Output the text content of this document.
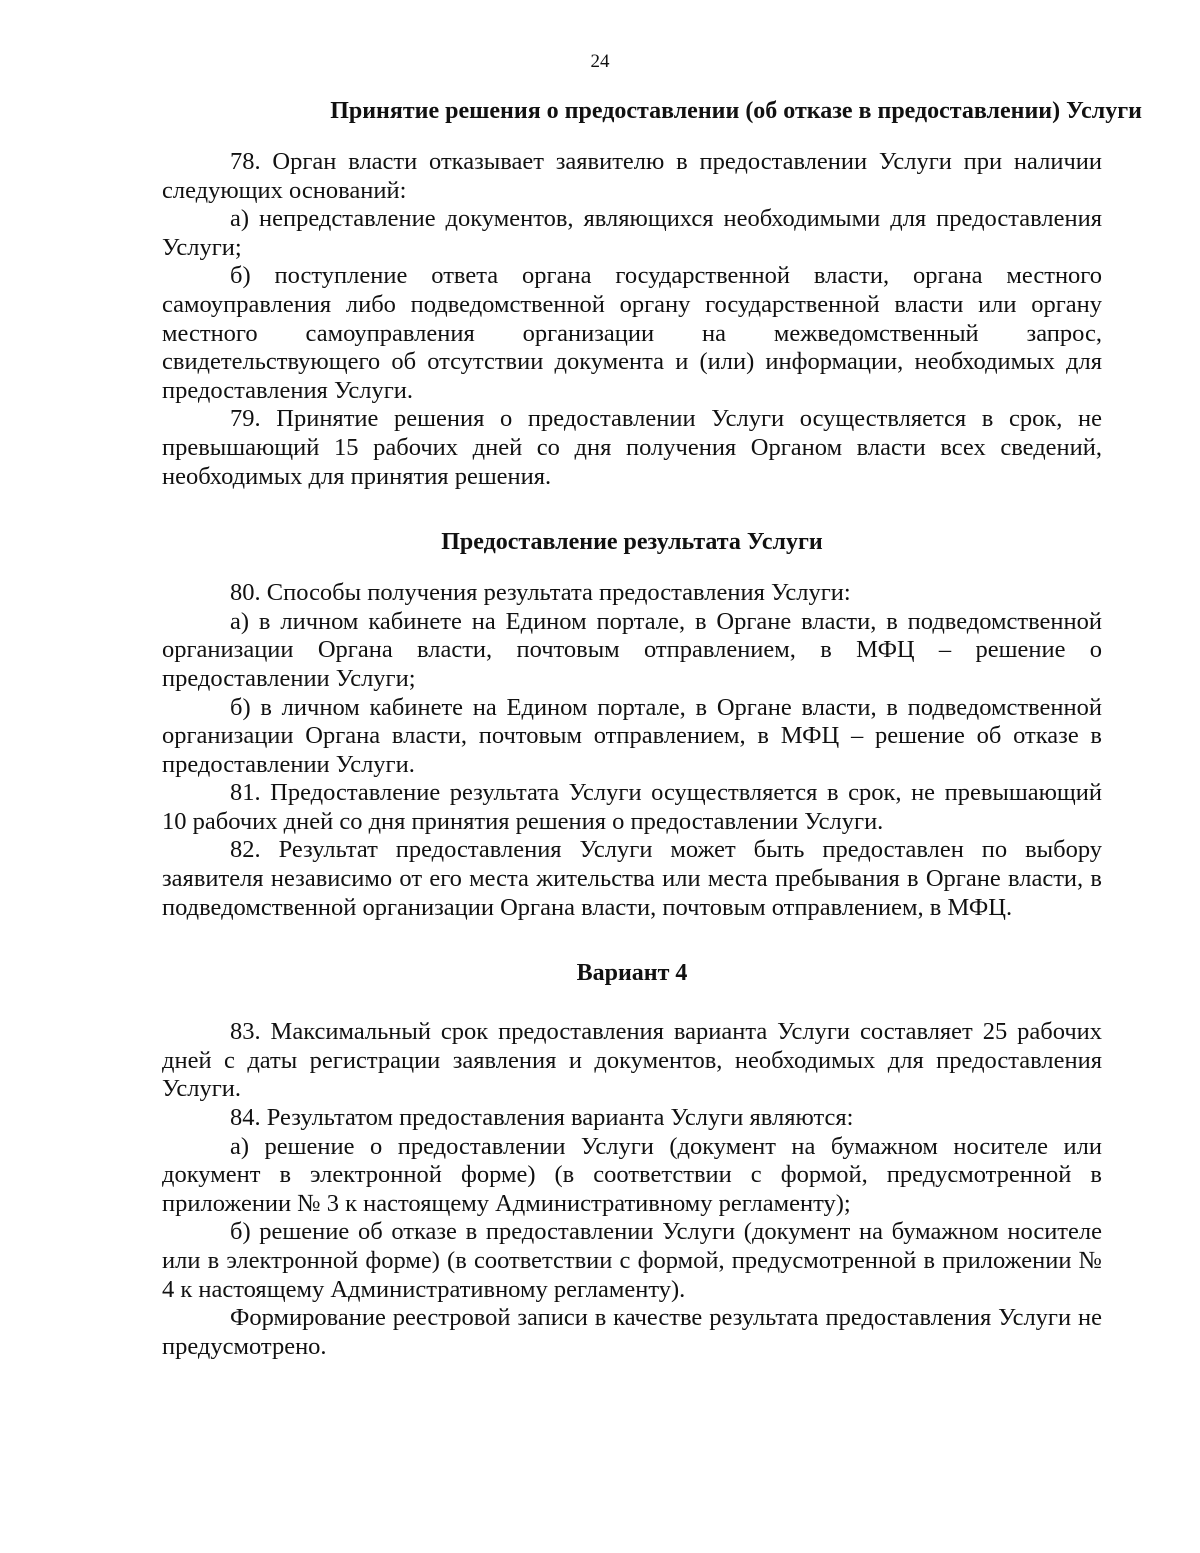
24
Принятие решения о предоставлении (об отказе в предоставлении) Услуги

78. Орган власти отказывает заявителю в предоставлении Услуги при наличии следующих оснований:

а) непредставление документов, являющихся необходимыми для предоставления Услуги;

б) поступление ответа органа государственной власти, органа местного самоуправления либо подведомственной органу государственной власти или органу местного самоуправления организации на межведомственный запрос, свидетельствующего об отсутствии документа и (или) информации, необходимых для предоставления Услуги.

79. Принятие решения о предоставлении Услуги осуществляется в срок, не превышающий 15 рабочих дней со дня получения Органом власти всех сведений, необходимых для принятия решения.

Предоставление результата Услуги

80. Способы получения результата предоставления Услуги:

а) в личном кабинете на Едином портале, в Органе власти, в подведомственной организации Органа власти, почтовым отправлением, в МФЦ – решение о предоставлении Услуги;

б) в личном кабинете на Едином портале, в Органе власти, в подведомственной организации Органа власти, почтовым отправлением, в МФЦ – решение об отказе в предоставлении Услуги.

81. Предоставление результата Услуги осуществляется в срок, не превышающий 10 рабочих дней со дня принятия решения о предоставлении Услуги.

82. Результат предоставления Услуги может быть предоставлен по выбору заявителя независимо от его места жительства или места пребывания в Органе власти, в подведомственной организации Органа власти, почтовым отправлением, в МФЦ.

Вариант 4

83. Максимальный срок предоставления варианта Услуги составляет 25 рабочих дней с даты регистрации заявления и документов, необходимых для предоставления Услуги.

84. Результатом предоставления варианта Услуги являются:

а) решение о предоставлении Услуги (документ на бумажном носителе или документ в электронной форме) (в соответствии с формой, предусмотренной в приложении № 3 к настоящему Административному регламенту);

б) решение об отказе в предоставлении Услуги (документ на бумажном носителе или в электронной форме) (в соответствии с формой, предусмотренной в приложении № 4 к настоящему Административному регламенту).

Формирование реестровой записи в качестве результата предоставления Услуги не предусмотрено.
